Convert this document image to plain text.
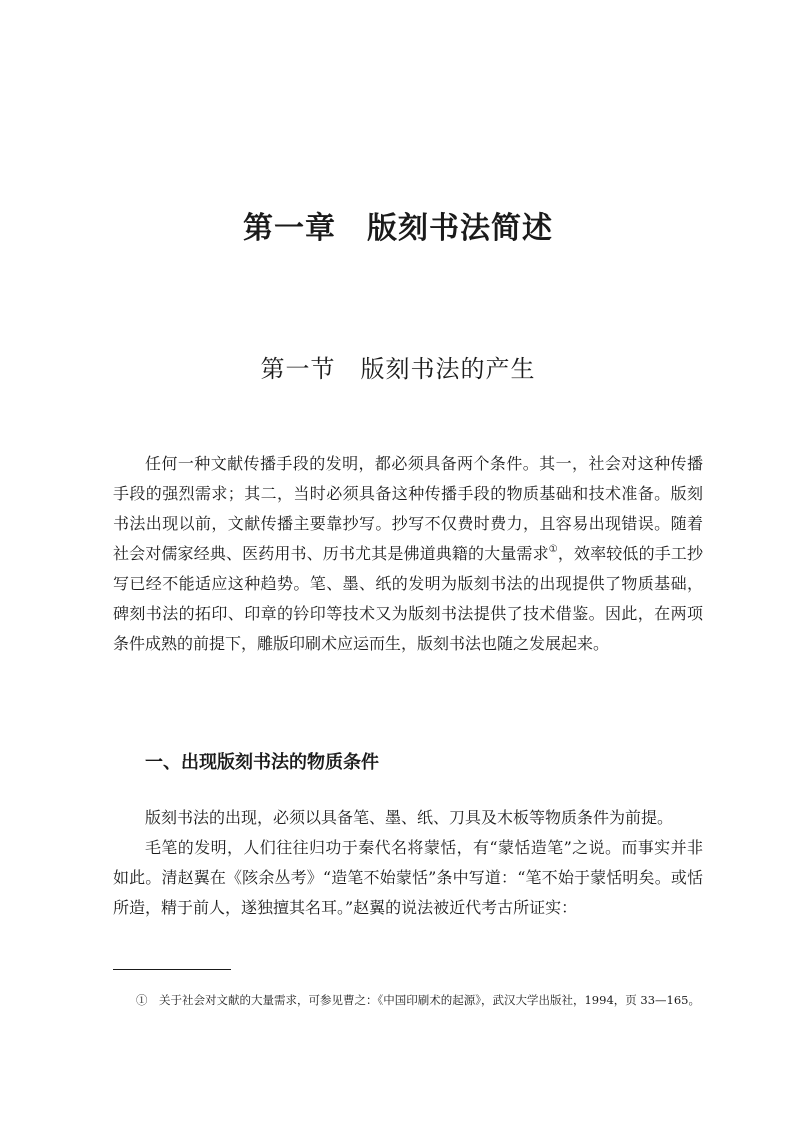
第一章　版刻书法简述
第一节　版刻书法的产生

任何一种文献传播手段的发明，都必须具备两个条件。其一，社会对这种传播手段的强烈需求；其二，当时必须具备这种传播手段的物质基础和技术准备。版刻书法出现以前，文献传播主要靠抄写。抄写不仅费时费力，且容易出现错误。随着社会对儒家经典、医药用书、历书尤其是佛道典籍的大量需求①，效率较低的手工抄写已经不能适应这种趋势。笔、墨、纸的发明为版刻书法的出现提供了物质基础，碑刻书法的拓印、印章的钤印等技术又为版刻书法提供了技术借鉴。因此，在两项条件成熟的前提下，雕版印刷术应运而生，版刻书法也随之发展起来。

一、出现版刻书法的物质条件

版刻书法的出现，必须以具备笔、墨、纸、刀具及木板等物质条件为前提。

毛笔的发明，人们往往归功于秦代名将蒙恬，有“蒙恬造笔”之说。而事实并非如此。清赵翼在《陔余丛考》“造笔不始蒙恬”条中写道：“笔不始于蒙恬明矣。或恬所造，精于前人，遂独擅其名耳。”赵翼的说法被近代考古所证实：

①　关于社会对文献的大量需求，可参见曹之：《中国印刷术的起源》，武汉大学出版社，1994，页 33—165。
